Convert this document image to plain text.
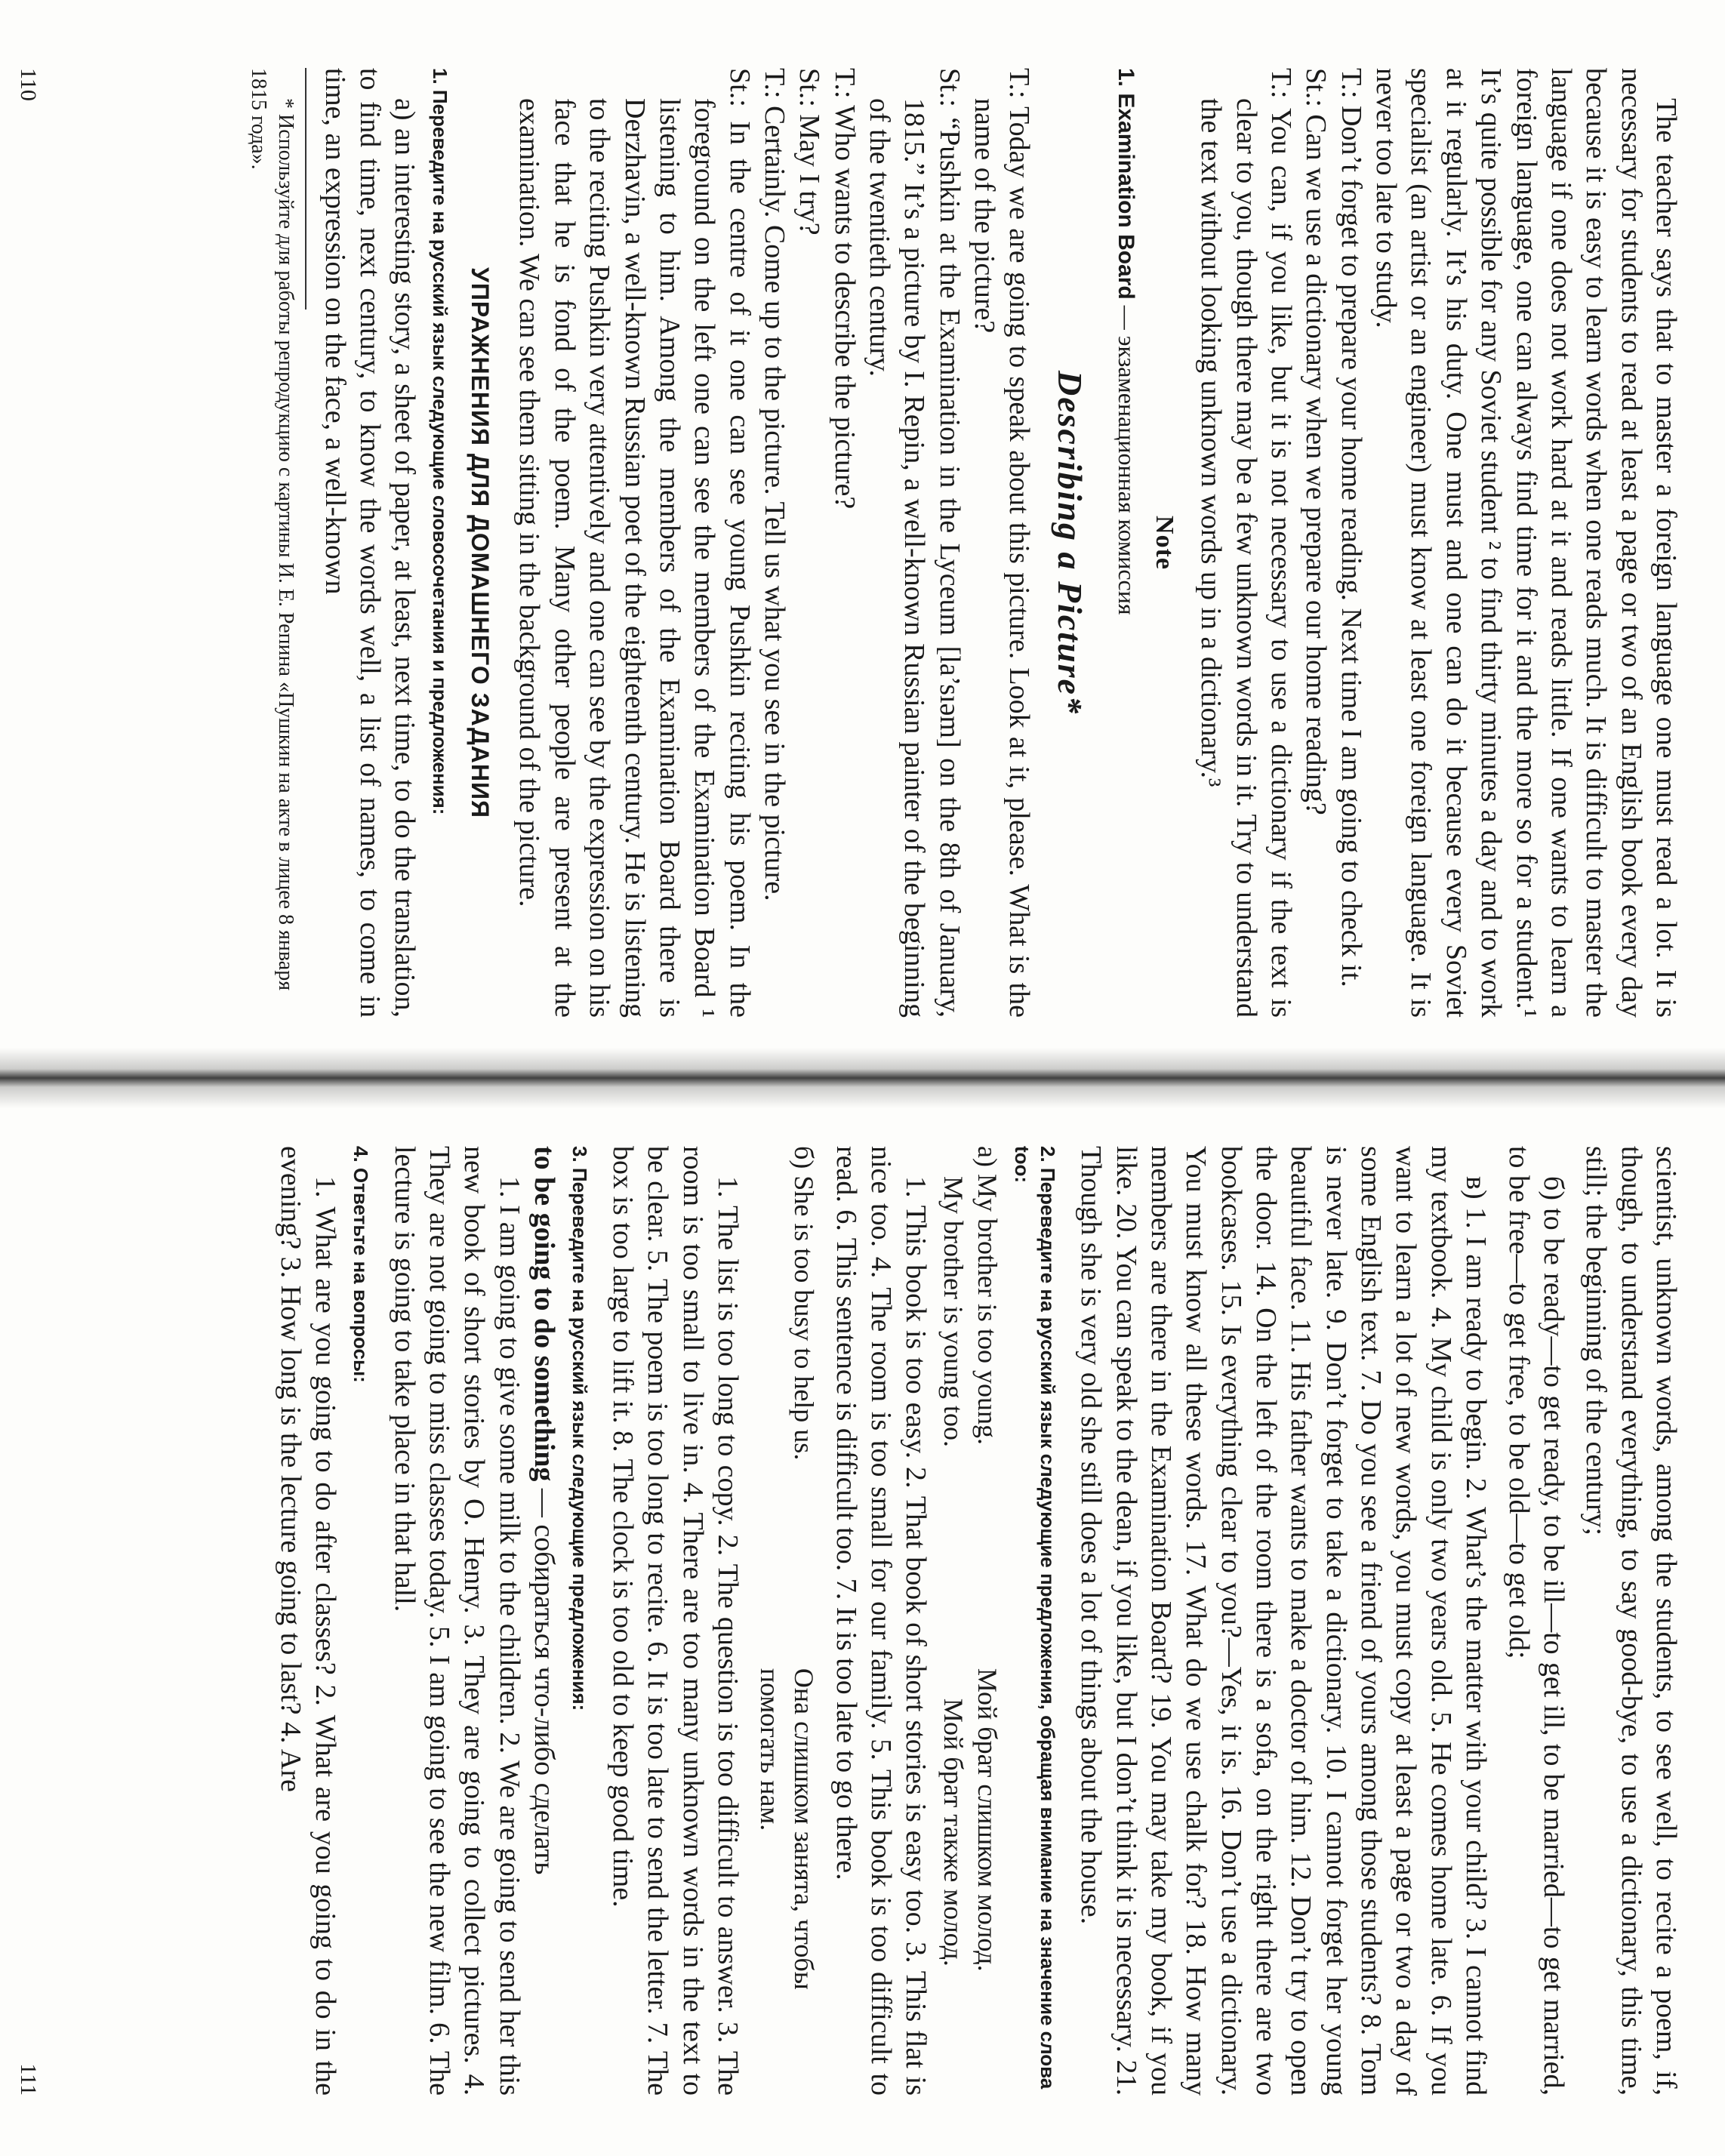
The teacher says that to master a foreign language one must read a lot. It is necessary for students to read at least a page or two of an English book every day because it is easy to learn words when one reads much. It is difficult to master the language if one does not work hard at it and reads little. If one wants to learn a foreign language, one can always find time for it and the more so for a student.¹ It’s quite possible for any Soviet student ² to find thirty minutes a day and to work at it regularly. It’s his duty. One must and one can do it because every Soviet specialist (an artist or an engineer) must know at least one foreign language. It is never too late to study.

T.: Don’t forget to prepare your home reading. Next time I am going to check it.

St.: Can we use a dictionary when we prepare our home reading?

T.: You can, if you like, but it is not necessary to use a dictionary if the text is clear to you, though there may be a few unknown words in it. Try to understand the text without looking unknown words up in a dictionary.³

Note

1. Examination Board — экзаменационная комиссия

Describing a Picture*

T.: Today we are going to speak about this picture. Look at it, please. What is the name of the picture?

St.: “Pushkin at the Examination in the Lyceum [la’sıəm] on the 8th of January, 1815.” It’s a picture by I. Repin, a well-known Russian painter of the beginning of the twentieth century.

T.: Who wants to describe the picture?

St.: May I try?

T.: Certainly. Come up to the picture. Tell us what you see in the picture.

St.: In the centre of it one can see young Pushkin reciting his poem. In the foreground on the left one can see the members of the Examination Board ¹ listening to him. Among the members of the Examination Board there is Derzhavin, a well-known Russian poet of the eighteenth century. He is listening to the reciting Pushkin very attentively and one can see by the expression on his face that he is fond of the poem. Many other people are present at the examination. We can see them sitting in the background of the picture.

УПРАЖНЕНИЯ ДЛЯ ДОМАШНЕГО ЗАДАНИЯ

1. Переведите на русский язык следующие словосочетания и предложения:

а) an interesting story, a sheet of paper, at least, next time, to do the translation, to find time, next century, to know the words well, a list of names, to come in time, an expression on the face, a well-known

* Используйте для работы репродукцию с картины И. Е. Репина «Пушкин на акте в лицее 8 января 1815 года».

110

scientist, unknown words, among the students, to see well, to recite a poem, if, though, to understand everything, to say good-bye, to use a dictionary, this time, still; the beginning of the century;

б) to be ready—to get ready, to be ill—to get ill, to be married—to get married, to be free—to get free, to be old—to get old;

в) 1. I am ready to begin. 2. What’s the matter with your child? 3. I cannot find my textbook. 4. My child is only two years old. 5. He comes home late. 6. If you want to learn a lot of new words, you must copy at least a page or two a day of some English text. 7. Do you see a friend of yours among those students? 8. Tom is never late. 9. Don’t forget to take a dictionary. 10. I cannot forget her young beautiful face. 11. His father wants to make a doctor of him. 12. Don’t try to open the door. 14. On the left of the room there is a sofa, on the right there are two bookcases. 15. Is everything clear to you?—Yes, it is. 16. Don’t use a dictionary. You must know all these words. 17. What do we use chalk for? 18. How many members are there in the Examination Board? 19. You may take my book, if you like. 20. You can speak to the dean, if you like, but I don’t think it is necessary. 21. Though she is very old she still does a lot of things about the house.

2. Переведите на русский язык следующие предложения, обращая внимание на значение слова too:

а) My brother is too young.
Мой брат слишком молод.
My brother is young too.
Мой брат также молод.

1. This book is too easy. 2. That book of short stories is easy too. 3. This flat is nice too. 4. The room is too small for our family. 5. This book is too difficult to read. 6. This sentence is difficult too. 7. It is too late to go there.

б) She is too busy to help us.
Она слишком занята, чтобы помогать нам.

1. The list is too long to copy. 2. The question is too difficult to answer. 3. The room is too small to live in. 4. There are too many unknown words in the text to be clear. 5. The poem is too long to recite. 6. It is too late to send the letter. 7. The box is too large to lift it. 8. The clock is too old to keep good time.

3. Переведите на русский язык следующие предложения:

to be going to do something — собираться что-либо сделать

1. I am going to give some milk to the children. 2. We are going to send her this new book of short stories by O. Henry. 3. They are going to collect pictures. 4. They are not going to miss classes today. 5. I am going to see the new film. 6. The lecture is going to take place in that hall.

4. Ответьте на вопросы:

1. What are you going to do after classes? 2. What are you going to do in the evening? 3. How long is the lecture going to last? 4. Are

111
